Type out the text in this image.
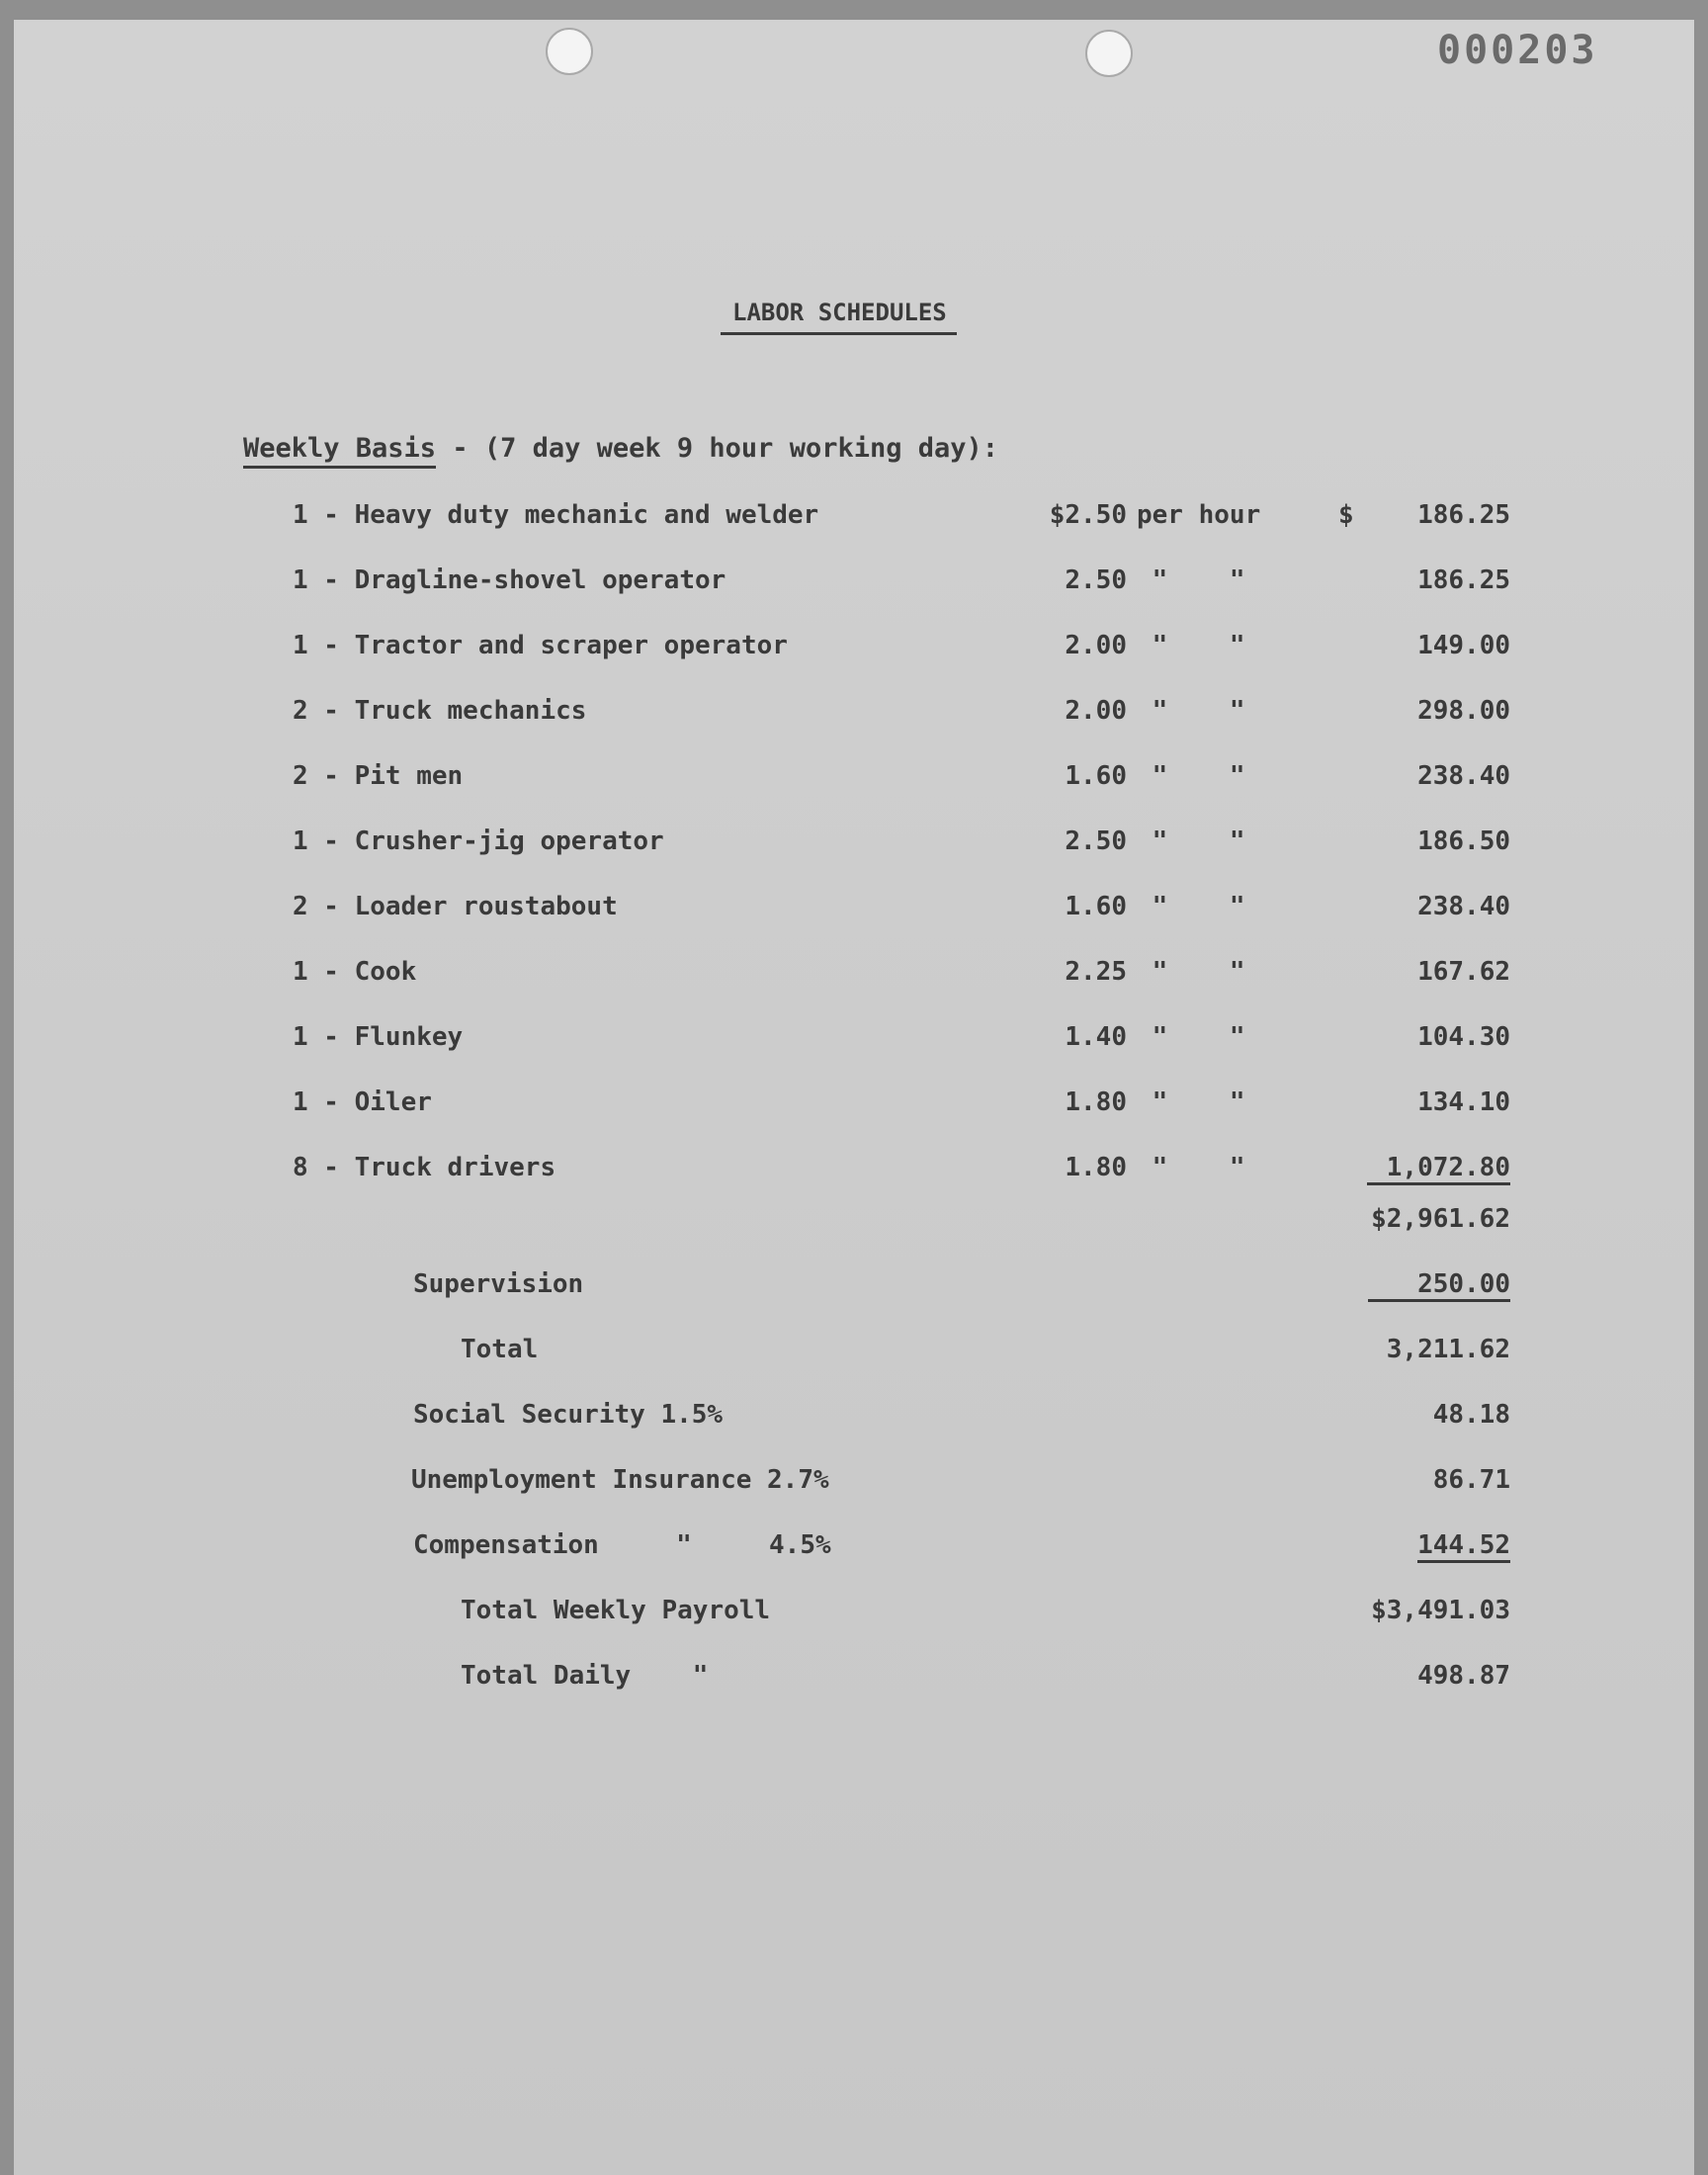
000203
LABOR SCHEDULES
Weekly Basis - (7 day week 9 hour working day):
1 - Heavy duty mechanic and welder	$2.50 per hour	$	186.25
1 - Dragline-shovel operator	2.50 "    "	186.25
1 - Tractor and scraper operator	2.00 "    "	149.00
2 - Truck mechanics	2.00 "    "	298.00
2 - Pit men	1.60 "    "	238.40
1 - Crusher-jig operator	2.50 "    "	186.50
2 - Loader roustabout	1.60 "    "	238.40
1 - Cook	2.25 "    "	167.62
1 - Flunkey	1.40 "    "	104.30
1 - Oiler	1.80 "    "	134.10
8 - Truck drivers	1.80 "    "	1,072.80
$2,961.62
Supervision	250.00
Total	3,211.62
Social Security 1.5%	48.18
Unemployment Insurance 2.7%	86.71
Compensation     "     4.5%	144.52
Total Weekly Payroll	$3,491.03
Total Daily    "	498.87
